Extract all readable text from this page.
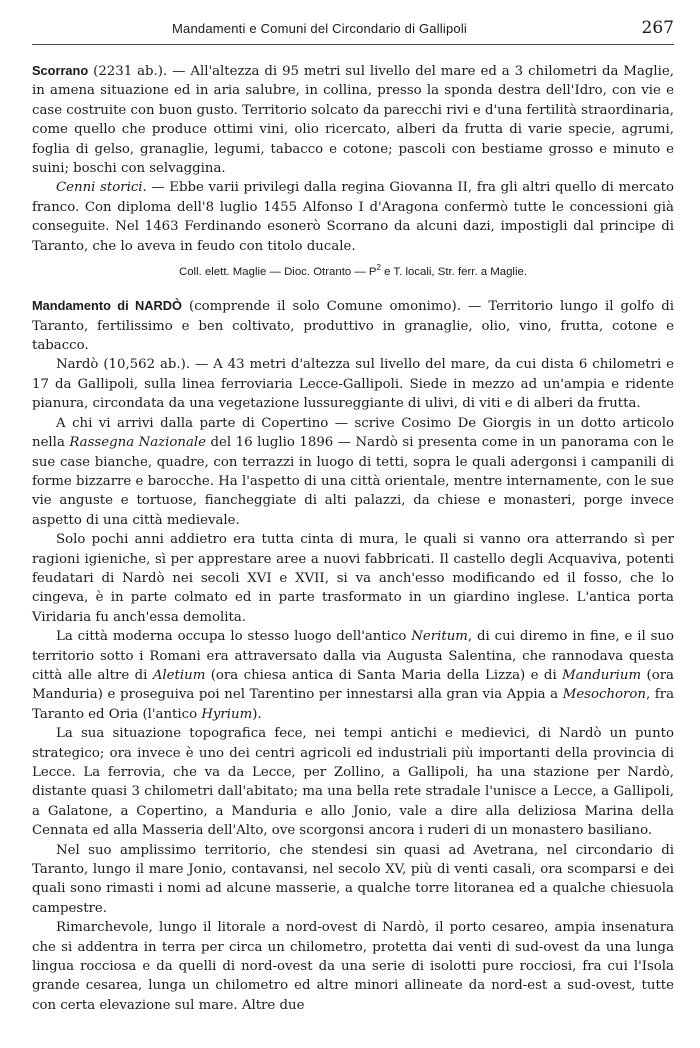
Mandamenti e Comuni del Circondario di Gallipoli	267

Scorrano (2231 ab.). — All'altezza di 95 metri sul livello del mare ed a 3 chilometri da Maglie, in amena situazione ed in aria salubre, in collina, presso la sponda destra dell'Idro, con vie e case costruite con buon gusto. Territorio solcato da parecchi rivi e d'una fertilità straordinaria, come quello che produce ottimi vini, olio ricercato, alberi da frutta di varie specie, agrumi, foglia di gelso, granaglie, legumi, tabacco e cotone; pascoli con bestiame grosso e minuto e suini; boschi con selvaggina.

Cenni storici. — Ebbe varii privilegi dalla regina Giovanna II, fra gli altri quello di mercato franco. Con diploma dell'8 luglio 1455 Alfonso I d'Aragona confermò tutte le concessioni già conseguite. Nel 1463 Ferdinando esonerò Scorrano da alcuni dazi, impostigli dal principe di Taranto, che lo aveva in feudo con titolo ducale.

Coll. elett. Maglie — Dioc. Otranto — $P^2$ e T. locali, Str. ferr. a Maglie.

Mandamento di NARDÒ (comprende il solo Comune omonimo). — Territorio lungo il golfo di Taranto, fertilissimo e ben coltivato, produttivo in granaglie, olio, vino, frutta, cotone e tabacco.

Nardò (10,562 ab.). — A 43 metri d'altezza sul livello del mare, da cui dista 6 chilometri e 17 da Gallipoli, sulla linea ferroviaria Lecce-Gallipoli. Siede in mezzo ad un'ampia e ridente pianura, circondata da una vegetazione lussureggiante di ulivi, di viti e di alberi da frutta.

A chi vi arrivi dalla parte di Copertino — scrive Cosimo De Giorgis in un dotto articolo nella Rassegna Nazionale del 16 luglio 1896 — Nardò si presenta come in un panorama con le sue case bianche, quadre, con terrazzi in luogo di tetti, sopra le quali adergonsi i campanili di forme bizzarre e barocche. Ha l'aspetto di una città orientale, mentre internamente, con le sue vie anguste e tortuose, fiancheggiate di alti palazzi, da chiese e monasteri, porge invece aspetto di una città medievale.

Solo pochi anni addietro era tutta cinta di mura, le quali si vanno ora atterrando sì per ragioni igieniche, sì per apprestare aree a nuovi fabbricati. Il castello degli Acquaviva, potenti feudatari di Nardò nei secoli XVI e XVII, si va anch'esso modificando ed il fosso, che lo cingeva, è in parte colmato ed in parte trasformato in un giardino inglese. L'antica porta Viridaria fu anch'essa demolita.

La città moderna occupa lo stesso luogo dell'antico Neritum, di cui diremo in fine, e il suo territorio sotto i Romani era attraversato dalla via Augusta Salentina, che rannodava questa città alle altre di Aletium (ora chiesa antica di Santa Maria della Lizza) e di Mandurium (ora Manduria) e proseguiva poi nel Tarentino per innestarsi alla gran via Appia a Mesochoron, fra Taranto ed Oria (l'antico Hyrium).

La sua situazione topografica fece, nei tempi antichi e medievici, di Nardò un punto strategico; ora invece è uno dei centri agricoli ed industriali più importanti della provincia di Lecce. La ferrovia, che va da Lecce, per Zollino, a Gallipoli, ha una stazione per Nardò, distante quasi 3 chilometri dall'abitato; ma una bella rete stradale l'unisce a Lecce, a Gallipoli, a Galatone, a Copertino, a Manduria e allo Jonio, vale a dire alla deliziosa Marina della Cennata ed alla Masseria dell'Alto, ove scorgonsi ancora i ruderi di un monastero basiliano.

Nel suo amplissimo territorio, che stendesi sin quasi ad Avetrana, nel circondario di Taranto, lungo il mare Jonio, contavansi, nel secolo XV, più di venti casali, ora scomparsi e dei quali sono rimasti i nomi ad alcune masserie, a qualche torre litoranea ed a qualche chiesuola campestre.

Rimarchevole, lungo il litorale a nord-ovest di Nardò, il porto cesareo, ampia insenatura che si addentra in terra per circa un chilometro, protetta dai venti di sud-ovest da una lunga lingua rocciosa e da quelli di nord-ovest da una serie di isolotti pure rocciosi, fra cui l'Isola grande cesarea, lunga un chilometro ed altre minori allineate da nord-est a sud-ovest, tutte con certa elevazione sul mare. Altre due
